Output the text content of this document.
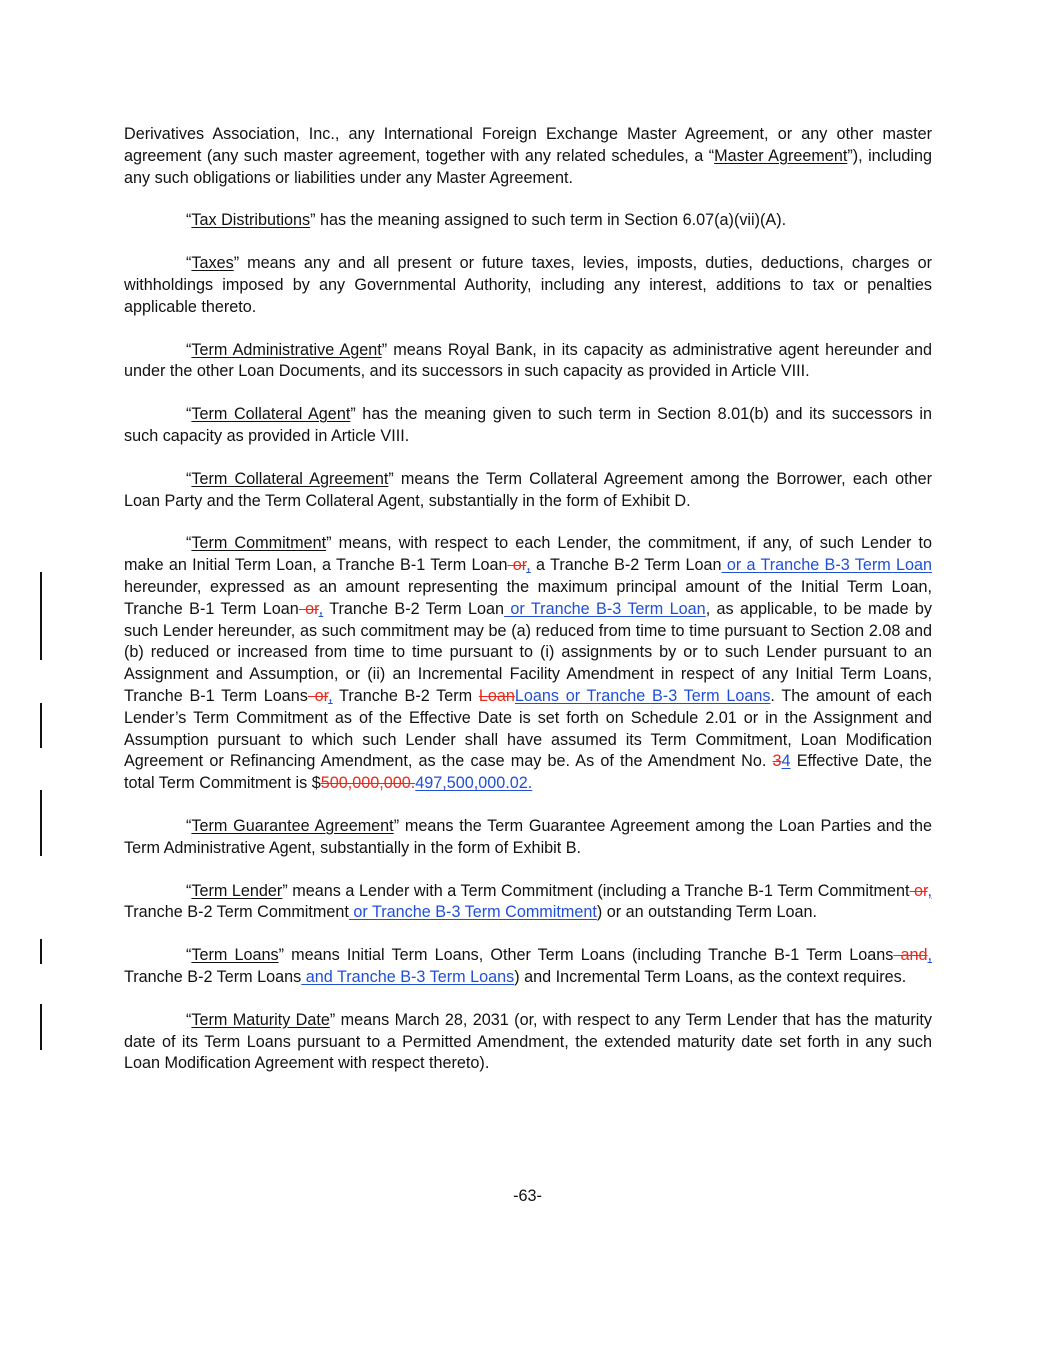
Derivatives Association, Inc., any International Foreign Exchange Master Agreement, or any other master agreement (any such master agreement, together with any related schedules, a “Master Agreement”), including any such obligations or liabilities under any Master Agreement.

“Tax Distributions” has the meaning assigned to such term in Section 6.07(a)(vii)(A).

“Taxes” means any and all present or future taxes, levies, imposts, duties, deductions, charges or withholdings imposed by any Governmental Authority, including any interest, additions to tax or penalties applicable thereto.

“Term Administrative Agent” means Royal Bank, in its capacity as administrative agent hereunder and under the other Loan Documents, and its successors in such capacity as provided in Article VIII.

“Term Collateral Agent” has the meaning given to such term in Section 8.01(b) and its successors in such capacity as provided in Article VIII.

“Term Collateral Agreement” means the Term Collateral Agreement among the Borrower, each other Loan Party and the Term Collateral Agent, substantially in the form of Exhibit D.

“Term Commitment” means, with respect to each Lender, the commitment, if any, of such Lender to make an Initial Term Loan, a Tranche B-1 Term Loan or, a Tranche B-2 Term Loan or a Tranche B-3 Term Loan hereunder, expressed as an amount representing the maximum principal amount of the Initial Term Loan, Tranche B-1 Term Loan or, Tranche B-2 Term Loan or Tranche B-3 Term Loan, as applicable, to be made by such Lender hereunder, as such commitment may be (a) reduced from time to time pursuant to Section 2.08 and (b) reduced or increased from time to time pursuant to (i) assignments by or to such Lender pursuant to an Assignment and Assumption, or (ii) an Incremental Facility Amendment in respect of any Initial Term Loans, Tranche B-1 Term Loans or, Tranche B-2 Term LoanLoans or Tranche B-3 Term Loans. The amount of each Lender’s Term Commitment as of the Effective Date is set forth on Schedule 2.01 or in the Assignment and Assumption pursuant to which such Lender shall have assumed its Term Commitment, Loan Modification Agreement or Refinancing Amendment, as the case may be. As of the Amendment No. 34 Effective Date, the total Term Commitment is $500,000,000.497,500,000.02.

“Term Guarantee Agreement” means the Term Guarantee Agreement among the Loan Parties and the Term Administrative Agent, substantially in the form of Exhibit B.

“Term Lender” means a Lender with a Term Commitment (including a Tranche B-1 Term Commitment or, Tranche B-2 Term Commitment or Tranche B-3 Term Commitment) or an outstanding Term Loan.

“Term Loans” means Initial Term Loans, Other Term Loans (including Tranche B-1 Term Loans and, Tranche B-2 Term Loans and Tranche B-3 Term Loans) and Incremental Term Loans, as the context requires.

“Term Maturity Date” means March 28, 2031 (or, with respect to any Term Lender that has the maturity date of its Term Loans pursuant to a Permitted Amendment, the extended maturity date set forth in any such Loan Modification Agreement with respect thereto).

-63-
